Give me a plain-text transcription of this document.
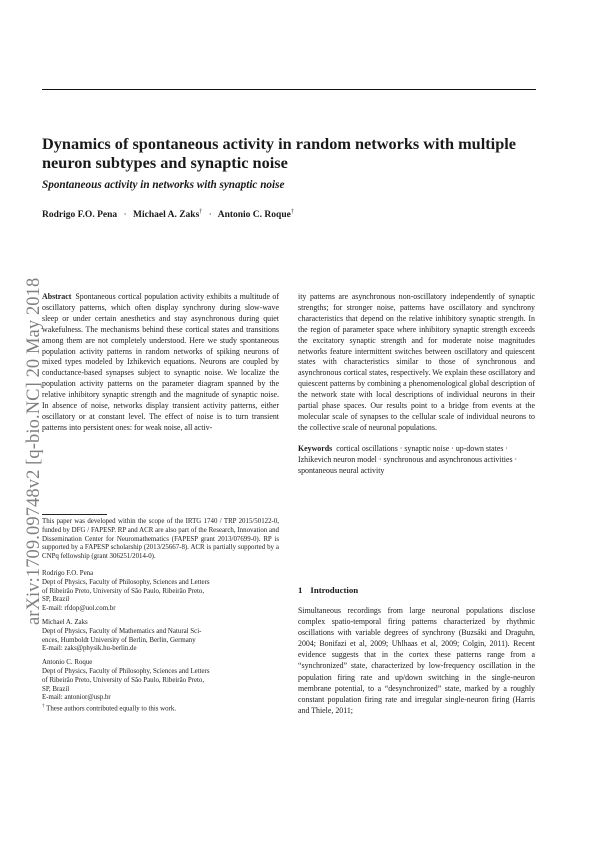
Dynamics of spontaneous activity in random networks with multiple neuron subtypes and synaptic noise
Spontaneous activity in networks with synaptic noise
Rodrigo F.O. Pena · Michael A. Zaks† · Antonio C. Roque†
arXiv:1709.09748v2 [q-bio.NC] 20 May 2018

Abstract Spontaneous cortical population activity exhibits a multitude of oscillatory patterns, which often display synchrony during slow-wave sleep or under certain anesthetics and stay asynchronous during quiet wakefulness. The mechanisms behind these cortical states and transitions among them are not completely understood. Here we study spontaneous population activity patterns in random networks of spiking neurons of mixed types modeled by Izhikevich equations. Neurons are coupled by conductance-based synapses subject to synaptic noise. We localize the population activity patterns on the parameter diagram spanned by the relative inhibitory synaptic strength and the magnitude of synaptic noise. In absence of noise, networks display transient activity patterns, either oscillatory or at constant level. The effect of noise is to turn transient patterns into persistent ones: for weak noise, all activ-

ity patterns are asynchronous non-oscillatory independently of synaptic strengths; for stronger noise, patterns have oscillatory and synchrony characteristics that depend on the relative inhibitory synaptic strength. In the region of parameter space where inhibitory synaptic strength exceeds the excitatory synaptic strength and for moderate noise magnitudes networks feature intermittent switches between oscillatory and quiescent states with characteristics similar to those of synchronous and asynchronous cortical states, respectively. We explain these oscillatory and quiescent patterns by combining a phenomenological global description of the network state with local descriptions of individual neurons in their partial phase spaces. Our results point to a bridge from events at the molecular scale of synapses to the cellular scale of individual neurons to the collective scale of neuronal populations.

Keywords cortical oscillations · synaptic noise · up-down states · Izhikevich neuron model · synchronous and asynchronous activities · spontaneous neural activity

This paper was developed within the scope of the IRTG 1740 / TRP 2015/50122-0, funded by DFG / FAPESP. RP and ACR are also part of the Research, Innovation and Dissemination Center for Neuromathematics (FAPESP grant 2013/07699-0). RP is supported by a FAPESP scholarship (2013/25667-8). ACR is partially supported by a CNPq fellowship (grant 306251/2014-0).
Rodrigo F.O. Pena
Dept of Physics, Faculty of Philosophy, Sciences and Letters
of Ribeirão Preto, University of São Paulo, Ribeirão Preto,
SP, Brazil
E-mail: rfdop@uol.com.br
Michael A. Zaks
Dept of Physics, Faculty of Mathematics and Natural Sci-
ences, Humboldt University of Berlin, Berlin, Germany
E-mail: zaks@physik.hu-berlin.de
Antonio C. Roque
Dept of Physics, Faculty of Philosophy, Sciences and Letters
of Ribeirão Preto, University of São Paulo, Ribeirão Preto,
SP, Brazil
E-mail: antonior@usp.br
† These authors contributed equally to this work.
1 Introduction
Simultaneous recordings from large neuronal populations disclose complex spatio-temporal firing patterns characterized by rhythmic oscillations with variable degrees of synchrony (Buzsáki and Draguhn, 2004; Bonifazi et al, 2009; Uhlhaas et al, 2009; Colgin, 2011). Recent evidence suggests that in the cortex these patterns range from a “synchronized” state, characterized by low-frequency oscillation in the population firing rate and up/down switching in the single-neuron membrane potential, to a “desynchronized” state, marked by a roughly constant population firing rate and irregular single-neuron firing (Harris and Thiele, 2011;
